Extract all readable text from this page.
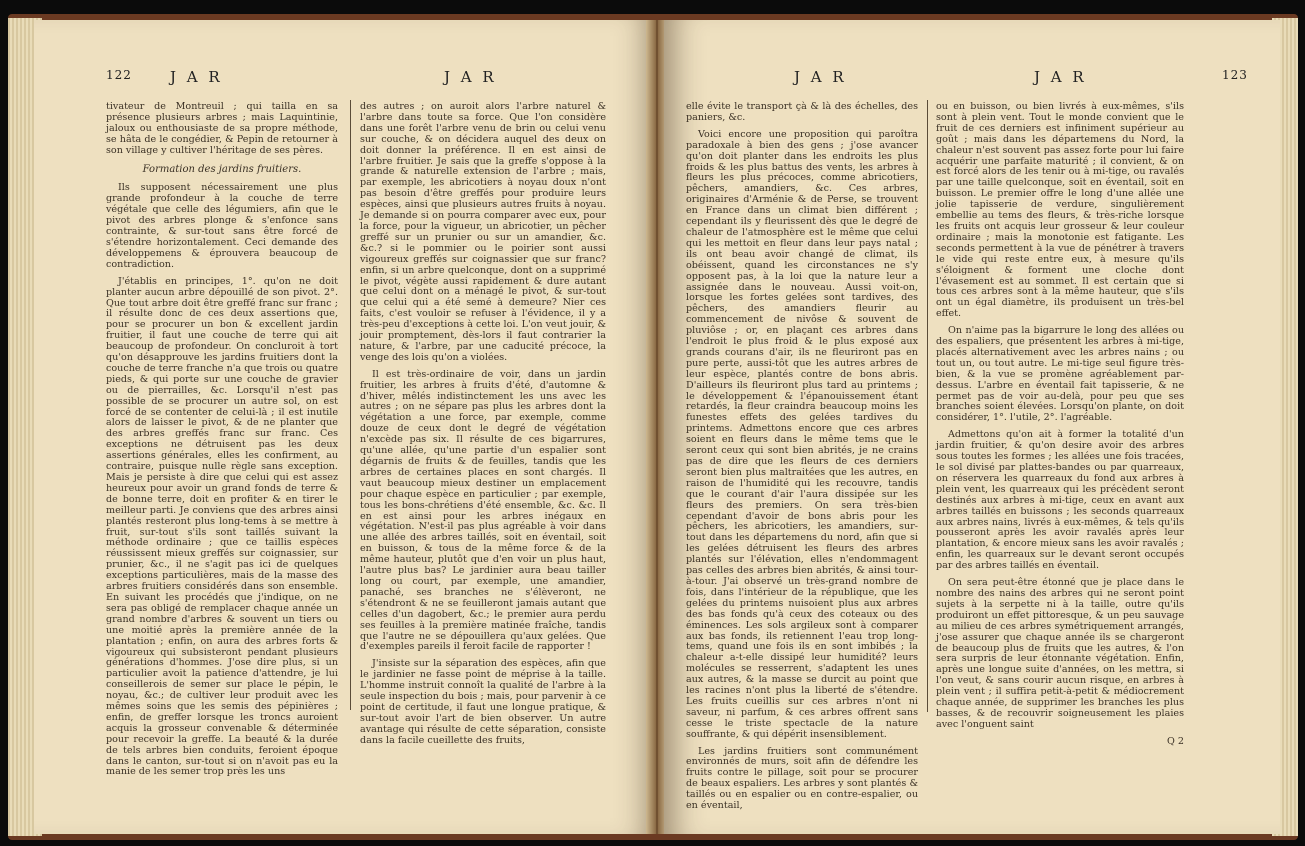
122	J A R	J A R

tivateur de Montreuil ; qui tailla en sa présence plusieurs arbres ; mais Laquintinie, jaloux ou enthousiaste de sa propre méthode, se hâta de le congédier, & Pepin de retourner à son village y cultiver l'héritage de ses pères.

Formation des jardins fruitiers.

Ils supposent nécessairement une plus grande profondeur à la couche de terre végétale que celle des légumiers, afin que le pivot des arbres plonge & s'enfonce sans contrainte, & sur-tout sans être forcé de s'étendre horizontalement. Ceci demande des développemens & éprouvera beaucoup de contradiction.

J'établis en principes, 1°. qu'on ne doit planter aucun arbre dépouillé de son pivot. 2°. Que tout arbre doit être greffé franc sur franc ; il résulte donc de ces deux assertions que, pour se procurer un bon & excellent jardin fruitier, il faut une couche de terre qui ait beaucoup de profondeur. On concluroit à tort qu'on désapprouve les jardins fruitiers dont la couche de terre franche n'a que trois ou quatre pieds, & qui porte sur une couche de gravier ou de pierrailles, &c. Lorsqu'il n'est pas possible de se procurer un autre sol, on est forcé de se contenter de celui-là ; il est inutile alors de laisser le pivot, & de ne planter que des arbres greffés franc sur franc. Ces exceptions ne détruisent pas les deux assertions générales, elles les confirment, au contraire, puisque nulle règle sans exception. Mais je persiste à dire que celui qui est assez heureux pour avoir un grand fonds de terre & de bonne terre, doit en profiter & en tirer le meilleur parti. Je conviens que des arbres ainsi plantés resteront plus long-tems à se mettre à fruit, sur-tout s'ils sont taillés suivant la méthode ordinaire ; que ce taillis espèces réussissent mieux greffés sur coignassier, sur prunier, &c., il ne s'agit pas ici de quelques exceptions particulières, mais de la masse des arbres fruitiers considérés dans son ensemble. En suivant les procédés que j'indique, on ne sera pas obligé de remplacer chaque année un grand nombre d'arbres & souvent un tiers ou une moitié après la première année de la plantation ; enfin, on aura des arbres forts & vigoureux qui subsisteront pendant plusieurs générations d'hommes. J'ose dire plus, si un particulier avoit la patience d'attendre, je lui conseillerois de semer sur place le pépin, le noyau, &c.; de cultiver leur produit avec les mêmes soins que les semis des pépinières ; enfin, de greffer lorsque les troncs auroient acquis la grosseur convenable & déterminée pour recevoir la greffe. La beauté & la durée de tels arbres bien conduits, feroient époque dans le canton, sur-tout si on n'avoit pas eu la manie de les semer trop près les uns

des autres ; on auroit alors l'arbre naturel & l'arbre dans toute sa force. Que l'on considère dans une forêt l'arbre venu de brin ou celui venu sur couche, & on décidera auquel des deux on doit donner la préférence. Il en est ainsi de l'arbre fruitier. Je sais que la greffe s'oppose à la grande & naturelle extension de l'arbre ; mais, par exemple, les abricotiers à noyau doux n'ont pas besoin d'être greffés pour produire leurs espèces, ainsi que plusieurs autres fruits à noyau. Je demande si on pourra comparer avec eux, pour la force, pour la vigueur, un abricotier, un pêcher greffé sur un prunier ou sur un amandier, &c. &c.? si le pommier ou le poirier sont aussi vigoureux greffés sur coignassier que sur franc? enfin, si un arbre quelconque, dont on a supprimé le pivot, végète aussi rapidement & dure autant que celui dont on a ménagé le pivot, & sur-tout que celui qui a été semé à demeure? Nier ces faits, c'est vouloir se refuser à l'évidence, il y a très-peu d'exceptions à cette loi. L'on veut jouir, & jouir promptement, dès-lors il faut contrarier la nature, & l'arbre, par une caducité précoce, la venge des lois qu'on a violées.

Il est très-ordinaire de voir, dans un jardin fruitier, les arbres à fruits d'été, d'automne & d'hiver, mêlés indistinctement les uns avec les autres ; on ne sépare pas plus les arbres dont la végétation a une force, par exemple, comme douze de ceux dont le degré de végétation n'excède pas six. Il résulte de ces bigarrures, qu'une allée, qu'une partie d'un espalier sont dégarnis de fruits & de feuilles, tandis que les arbres de certaines places en sont chargés. Il vaut beaucoup mieux destiner un emplacement pour chaque espèce en particulier ; par exemple, tous les bons-chrétiens d'été ensemble, &c. &c. Il en est ainsi pour les arbres inégaux en végétation. N'est-il pas plus agréable à voir dans une allée des arbres taillés, soit en éventail, soit en buisson, & tous de la même force & de la même hauteur, plutôt que d'en voir un plus haut, l'autre plus bas? Le jardinier aura beau tailler long ou court, par exemple, une amandier, panaché, ses branches ne s'élèveront, ne s'étendront & ne se feuilleront jamais autant que celles d'un dagobert, &c.; le premier aura perdu ses feuilles à la première matinée fraîche, tandis que l'autre ne se dépouillera qu'aux gelées. Que d'exemples pareils il feroit facile de rapporter !

J'insiste sur la séparation des espèces, afin que le jardinier ne fasse point de méprise à la taille. L'homme instruit connoît la qualité de l'arbre à la seule inspection du bois ; mais, pour parvenir à ce point de certitude, il faut une longue pratique, & sur-tout avoir l'art de bien observer. Un autre avantage qui résulte de cette séparation, consiste dans la facile cueillette des fruits,

J A R	J A R	123

elle évite le transport çà & là des échelles, des paniers, &c.

Voici encore une proposition qui paroîtra paradoxale à bien des gens ; j'ose avancer qu'on doit planter dans les endroits les plus froids & les plus battus des vents, les arbres à fleurs les plus précoces, comme abricotiers, pêchers, amandiers, &c. Ces arbres, originaires d'Arménie & de Perse, se trouvent en France dans un climat bien différent ; cependant ils y fleurissent dès que le degré de chaleur de l'atmosphère est le même que celui qui les mettoit en fleur dans leur pays natal ; ils ont beau avoir changé de climat, ils obéissent, quand les circonstances ne s'y opposent pas, à la loi que la nature leur a assignée dans le nouveau. Aussi voit-on, lorsque les fortes gelées sont tardives, des pêchers, des amandiers fleurir au commencement de nivôse & souvent de pluviôse ; or, en plaçant ces arbres dans l'endroit le plus froid & le plus exposé aux grands courans d'air, ils ne fleuriront pas en pure perte, aussi-tôt que les autres arbres de leur espèce, plantés contre de bons abris. D'ailleurs ils fleuriront plus tard au printems ; le développement & l'épanouissement étant retardés, la fleur craindra beaucoup moins les funestes effets des gelées tardives du printems. Admettons encore que ces arbres soient en fleurs dans le même tems que le seront ceux qui sont bien abrités, je ne crains pas de dire que les fleurs de ces derniers seront bien plus maltraitées que les autres, en raison de l'humidité qui les recouvre, tandis que le courant d'air l'aura dissipée sur les fleurs des premiers. On sera très-bien cependant d'avoir de bons abris pour les pêchers, les abricotiers, les amandiers, sur-tout dans les départemens du nord, afin que si les gelées détruisent les fleurs des arbres plantés sur l'élévation, elles n'endommagent pas celles des arbres bien abrités, & ainsi tour-à-tour. J'ai observé un très-grand nombre de fois, dans l'intérieur de la république, que les gelées du printems nuisoient plus aux arbres des bas fonds qu'à ceux des coteaux ou des éminences. Les sols argileux sont à comparer aux bas fonds, ils retiennent l'eau trop long-tems, quand une fois ils en sont imbibés ; la chaleur a-t-elle dissipé leur humidité? leurs molécules se resserrent, s'adaptent les unes aux autres, & la masse se durcit au point que les racines n'ont plus la liberté de s'étendre. Les fruits cueillis sur ces arbres n'ont ni saveur, ni parfum, & ces arbres offrent sans cesse le triste spectacle de la nature souffrante, & qui dépérit insensiblement.

Les jardins fruitiers sont communément environnés de murs, soit afin de défendre les fruits contre le pillage, soit pour se procurer de beaux espaliers. Les arbres y sont plantés & taillés ou en espalier ou en contre-espalier, ou en éventail,

ou en buisson, ou bien livrés à eux-mêmes, s'ils sont à plein vent. Tout le monde convient que le fruit de ces derniers est infiniment supérieur au goût ; mais dans les départemens du Nord, la chaleur n'est souvent pas assez forte pour lui faire acquérir une parfaite maturité ; il convient, & on est forcé alors de les tenir ou à mi-tige, ou ravalés par une taille quelconque, soit en éventail, soit en buisson. Le premier offre le long d'une allée une jolie tapisserie de verdure, singulièrement embellie au tems des fleurs, & très-riche lorsque les fruits ont acquis leur grosseur & leur couleur ordinaire ; mais la monotonie est fatigante. Les seconds permettent à la vue de pénétrer à travers le vide qui reste entre eux, à mesure qu'ils s'éloignent & forment une cloche dont l'évasement est au sommet. Il est certain que si tous ces arbres sont à la même hauteur, que s'ils ont un égal diamètre, ils produisent un très-bel effet.

On n'aime pas la bigarrure le long des allées ou des espaliers, que présentent les arbres à mi-tige, placés alternativement avec les arbres nains ; ou tout un, ou tout autre. Le mi-tige seul figure très-bien, & la vue se promène agréablement par-dessus. L'arbre en éventail fait tapisserie, & ne permet pas de voir au-delà, pour peu que ses branches soient élevées. Lorsqu'on plante, on doit considérer, 1°. l'utile, 2°. l'agréable.

Admettons qu'on ait à former la totalité d'un jardin fruitier, & qu'on desire avoir des arbres sous toutes les formes ; les allées une fois tracées, le sol divisé par plattes-bandes ou par quarreaux, on réservera les quarreaux du fond aux arbres à plein vent, les quarreaux qui les précèdent seront destinés aux arbres à mi-tige, ceux en avant aux arbres taillés en buissons ; les seconds quarreaux aux arbres nains, livrés à eux-mêmes, & tels qu'ils pousseront après les avoir ravalés après leur plantation, & encore mieux sans les avoir ravalés ; enfin, les quarreaux sur le devant seront occupés par des arbres taillés en éventail.

On sera peut-être étonné que je place dans le nombre des nains des arbres qui ne seront point sujets à la serpette ni à la taille, outre qu'ils produiront un effet pittoresque, & un peu sauvage au milieu de ces arbres symétriquement arrangés, j'ose assurer que chaque année ils se chargeront de beaucoup plus de fruits que les autres, & l'on sera surpris de leur étonnante végétation. Enfin, après une longue suite d'années, on les mettra, si l'on veut, & sans courir aucun risque, en arbres à plein vent ; il suffira petit-à-petit & médiocrement chaque année, de supprimer les branches les plus basses, & de recouvrir soigneusement les plaies avec l'onguent saint

Q 2
